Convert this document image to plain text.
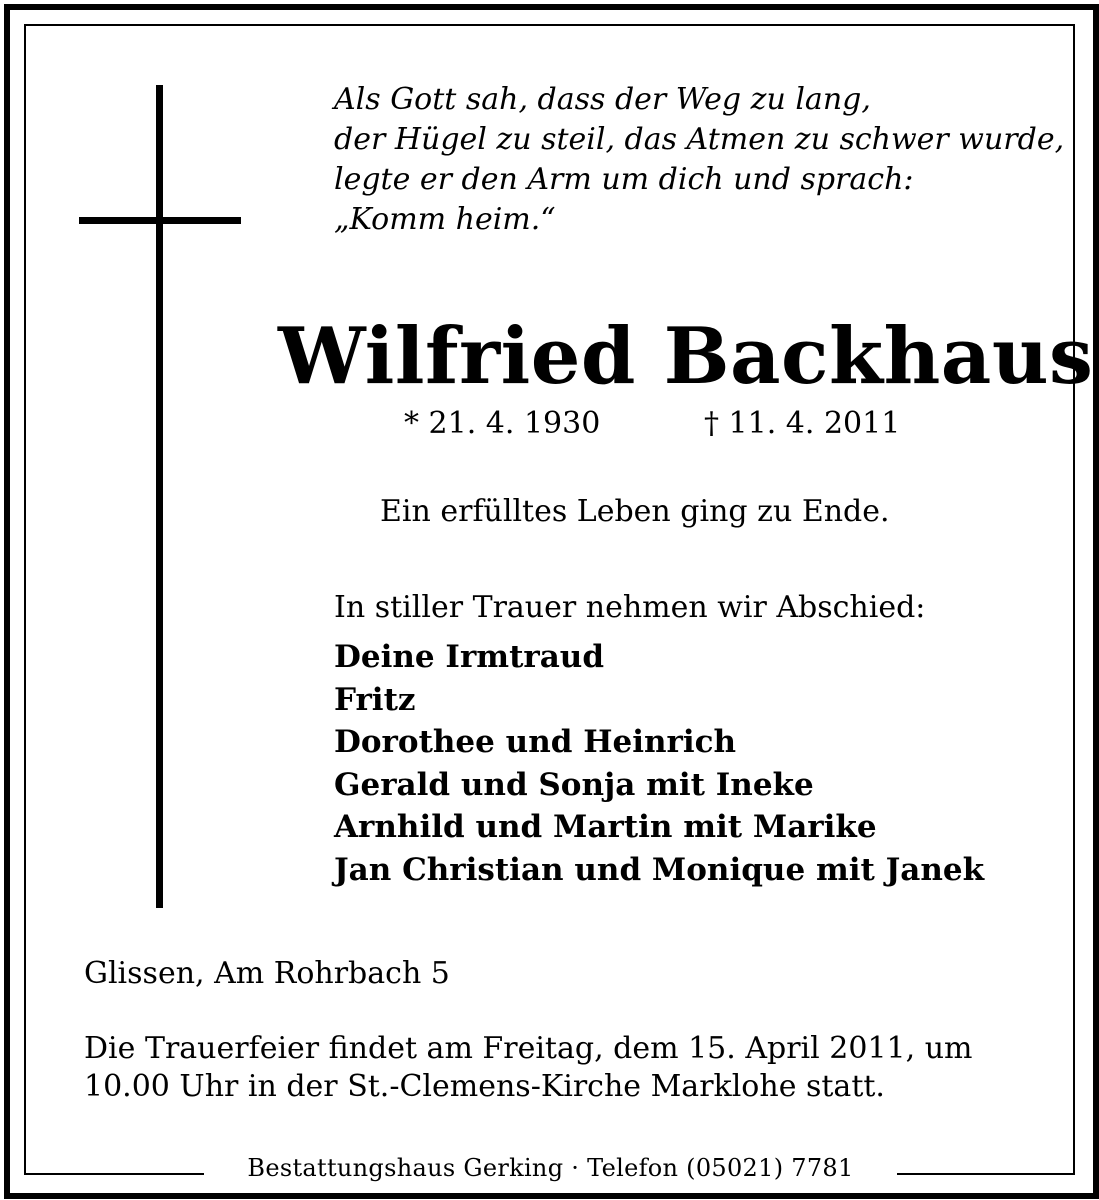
Als Gott sah, dass der Weg zu lang,
der Hügel zu steil, das Atmen zu schwer wurde,
legte er den Arm um dich und sprach:
„Komm heim.“
Wilfried Backhaus
* 21. 4. 1930	† 11. 4. 2011
Ein erfülltes Leben ging zu Ende.
In stiller Trauer nehmen wir Abschied:
Deine Irmtraud
Fritz
Dorothee und Heinrich
Gerald und Sonja mit Ineke
Arnhild und Martin mit Marike
Jan Christian und Monique mit Janek
Glissen, Am Rohrbach 5
Die Trauerfeier findet am Freitag, dem 15. April 2011, um
10.00 Uhr in der St.-Clemens-Kirche Marklohe statt.
Bestattungshaus Gerking · Telefon (05021) 7781
